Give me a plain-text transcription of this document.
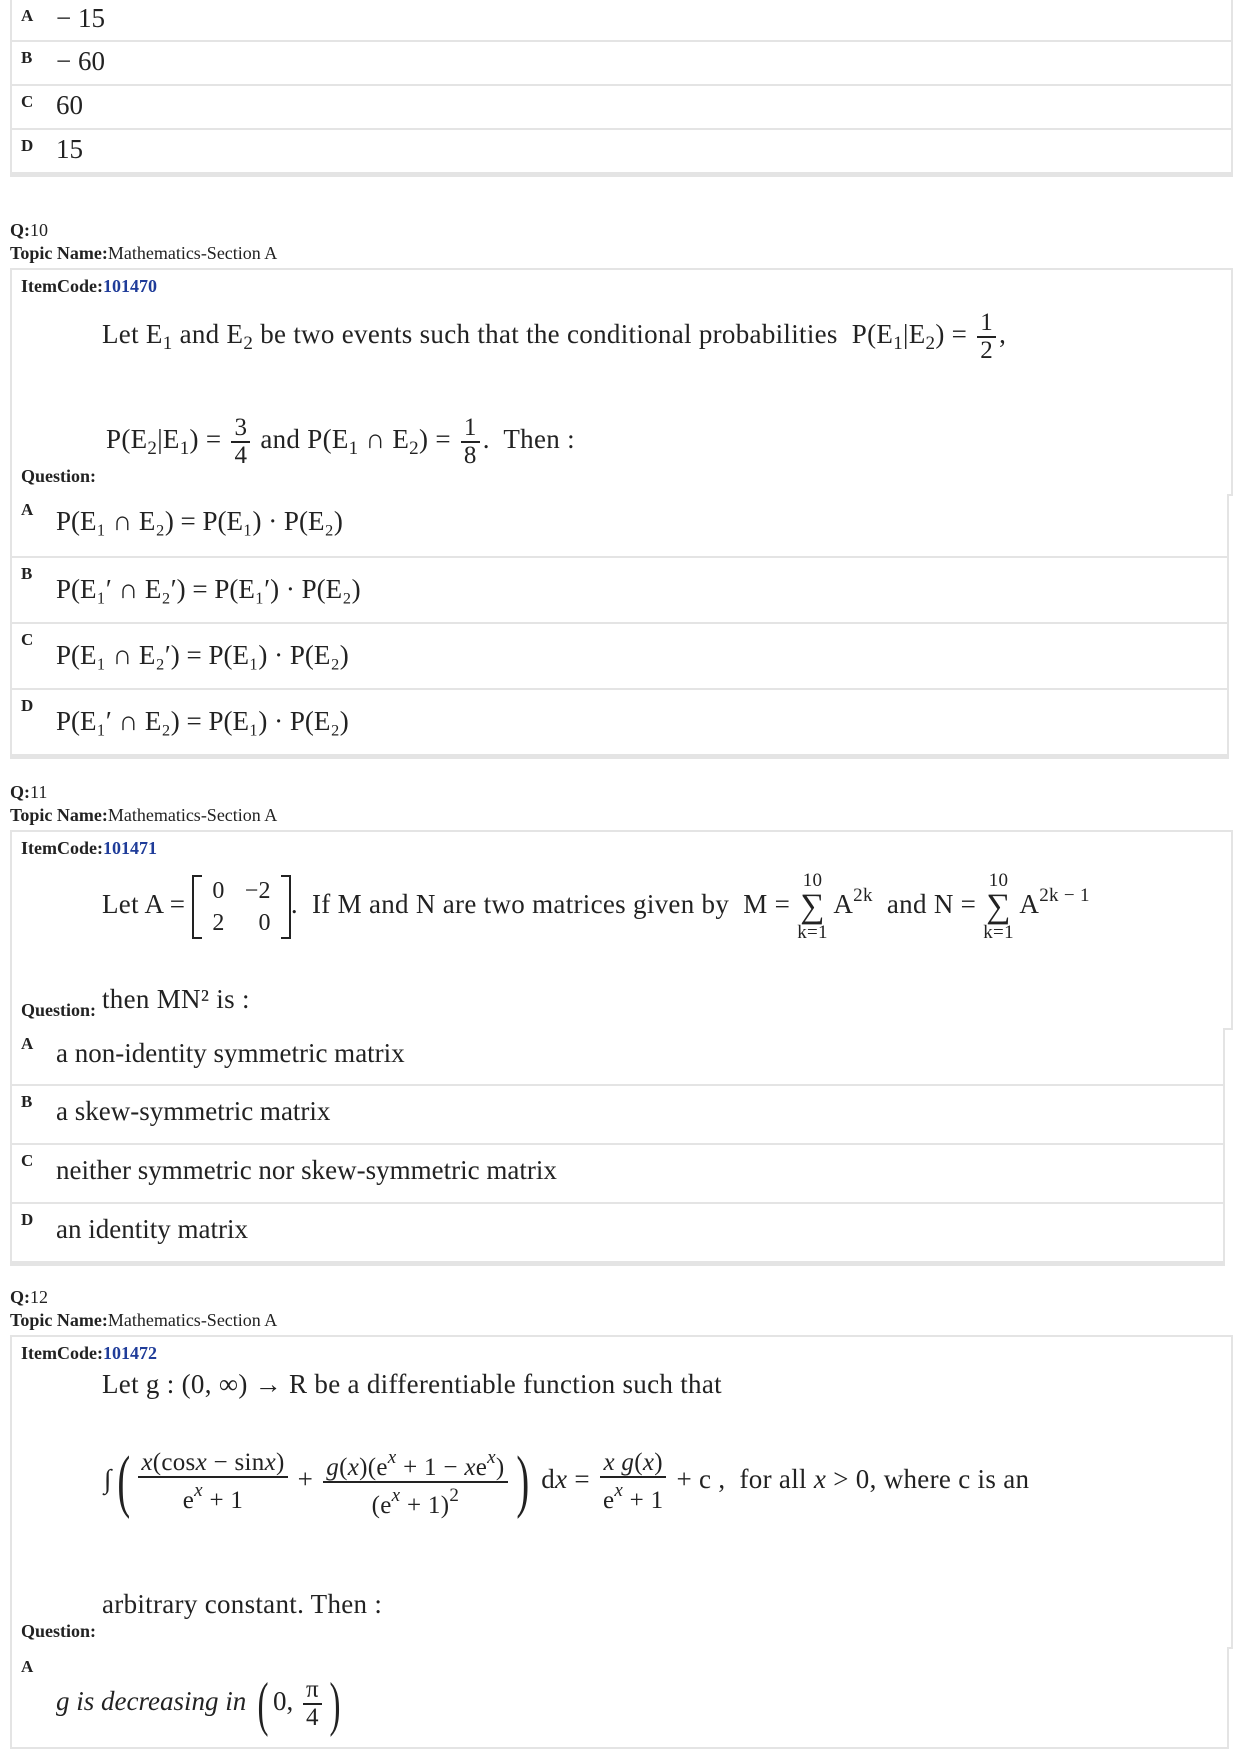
A − 15
B − 60
C 60
D 15
Q:10
Topic Name:Mathematics-Section A
ItemCode:101470
Let $E_1$ and $E_2$ be two events such that the conditional probabilities  $P(E_1|E_2) = \frac{1}{2}$ ,
$P(E_2|E_1) = \frac{3}{4}$ and $P(E_1$ ∩ $E_2) = \frac{1}{8}$ .  Then :
Question:
A P(E₁ ∩ E₂) = P(E₁) · P(E₂)
B
P(E₁′ ∩ E₂′) = P(E₁′) · P(E₂)
C
P(E₁ ∩ E₂′) = P(E₁) · P(E₂)
D
P(E₁′ ∩ E₂) = P(E₁) · P(E₂)
Q:11
Topic Name:Mathematics-Section A
ItemCode:101471
Let A = 0	−2
2	0
.  If M and N are two matrices given by  M = 10
∑
k=1 $A^{2k}$  and N = 10
∑
k=1 $A^{2k - 1}$
then MN² is :
Question:
A a non-identity symmetric matrix
B a skew-symmetric matrix
C neither symmetric nor skew-symmetric matrix
D an identity matrix
Q:12
Topic Name:Mathematics-Section A
ItemCode:101472
Let g : (0, ∞) → R be a differentiable function such that
∫( $\frac{x(\cos x - \sin x)}{e^x + 1} + \frac{g(x)(e^x + 1 - xe^x)}{(e^x + 1)^2}$ ) dx = $\frac{\text{x g(x)}}{e^x + 1} + c$ ,  for all x > 0, where c is an
arbitrary constant. Then :
Question:
A
g is decreasing in ( 0, $\frac{\pi}{4}$ )
